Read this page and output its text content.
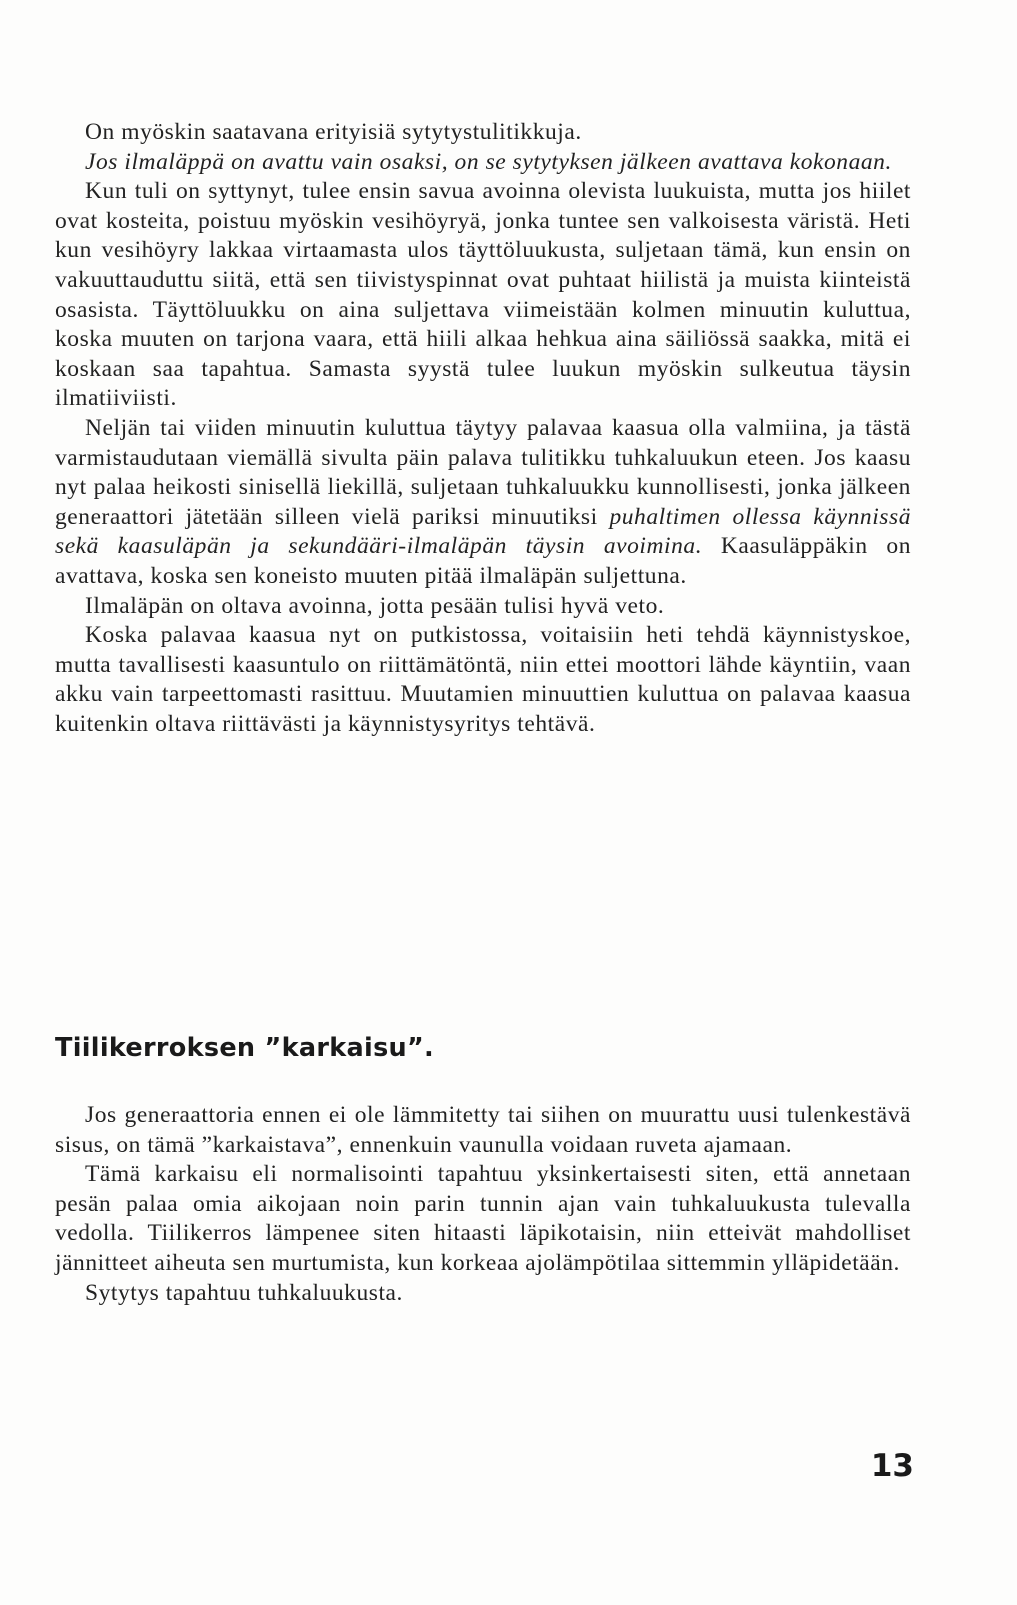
On myöskin saatavana erityisiä sytytystulitikkuja.

Jos ilmaläppä on avattu vain osaksi, on se sytytyksen jälkeen avattava kokonaan.

Kun tuli on syttynyt, tulee ensin savua avoinna olevista luukuista, mutta jos hiilet ovat kosteita, poistuu myöskin vesihöyryä, jonka tuntee sen valkoisesta väristä. Heti kun vesihöyry lakkaa virtaamasta ulos täyttöluukusta, suljetaan tämä, kun ensin on vakuuttauduttu siitä, että sen tiivistyspinnat ovat puhtaat hiilistä ja muista kiinteistä osasista. Täyttöluukku on aina suljettava viimeistään kolmen minuutin kuluttua, koska muuten on tarjona vaara, että hiili alkaa hehkua aina säiliössä saakka, mitä ei koskaan saa tapahtua. Samasta syystä tulee luukun myöskin sulkeutua täysin ilmatiiviisti.

Neljän tai viiden minuutin kuluttua täytyy palavaa kaasua olla valmiina, ja tästä varmistaudutaan viemällä sivulta päin palava tulitikku tuhkaluukun eteen. Jos kaasu nyt palaa heikosti sinisellä liekillä, suljetaan tuhkaluukku kunnollisesti, jonka jälkeen generaattori jätetään silleen vielä pariksi minuutiksi puhaltimen ollessa käynnissä sekä kaasuläpän ja sekundääri-ilmaläpän täysin avoimina. Kaasuläppäkin on avattava, koska sen koneisto muuten pitää ilmaläpän suljettuna.

Ilmaläpän on oltava avoinna, jotta pesään tulisi hyvä veto.

Koska palavaa kaasua nyt on putkistossa, voitaisiin heti tehdä käynnistyskoe, mutta tavallisesti kaasuntulo on riittämätöntä, niin ettei moottori lähde käyntiin, vaan akku vain tarpeettomasti rasittuu. Muutamien minuuttien kuluttua on palavaa kaasua kuitenkin oltava riittävästi ja käynnistysyritys tehtävä.

Tiilikerroksen ”karkaisu”.

Jos generaattoria ennen ei ole lämmitetty tai siihen on muurattu uusi tulenkestävä sisus, on tämä ”karkaistava”, ennenkuin vaunulla voidaan ruveta ajamaan.

Tämä karkaisu eli normalisointi tapahtuu yksinkertaisesti siten, että annetaan pesän palaa omia aikojaan noin parin tunnin ajan vain tuhkaluukusta tulevalla vedolla. Tiilikerros lämpenee siten hitaasti läpikotaisin, niin etteivät mahdolliset jännitteet aiheuta sen murtumista, kun korkeaa ajolämpötilaa sittemmin ylläpidetään.

Sytytys tapahtuu tuhkaluukusta.

13
